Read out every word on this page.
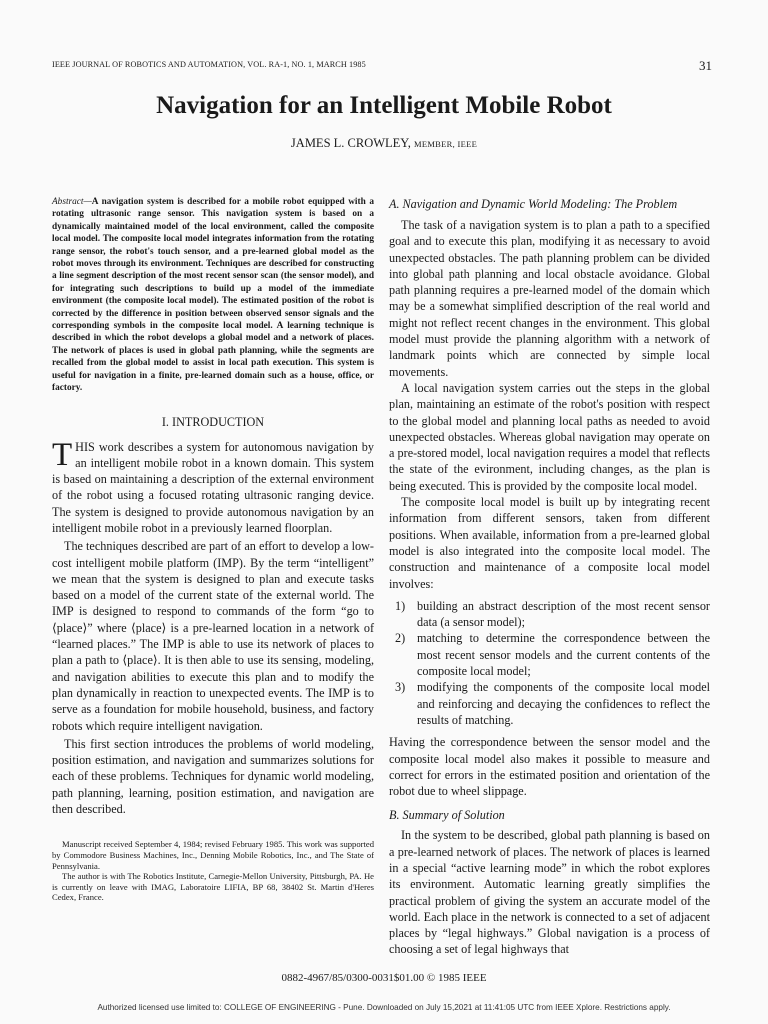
IEEE JOURNAL OF ROBOTICS AND AUTOMATION, VOL. RA-1, NO. 1, MARCH 1985	31
Navigation for an Intelligent Mobile Robot
JAMES L. CROWLEY, MEMBER, IEEE

Abstract—A navigation system is described for a mobile robot equipped with a rotating ultrasonic range sensor. This navigation system is based on a dynamically maintained model of the local environment, called the composite local model. The composite local model integrates information from the rotating range sensor, the robot's touch sensor, and a pre-learned global model as the robot moves through its environment. Techniques are described for constructing a line segment description of the most recent sensor scan (the sensor model), and for integrating such descriptions to build up a model of the immediate environment (the composite local model). The estimated position of the robot is corrected by the difference in position between observed sensor signals and the corresponding symbols in the composite local model. A learning technique is described in which the robot develops a global model and a network of places. The network of places is used in global path planning, while the segments are recalled from the global model to assist in local path execution. This system is useful for navigation in a finite, pre-learned domain such as a house, office, or factory.

I. INTRODUCTION
T HIS work describes a system for autonomous navigation by an intelligent mobile robot in a known domain. This system is based on maintaining a description of the external environment of the robot using a focused rotating ultrasonic ranging device. The system is designed to provide autonomous navigation by an intelligent mobile robot in a previously learned floorplan.

The techniques described are part of an effort to develop a low-cost intelligent mobile platform (IMP). By the term “intelligent” we mean that the system is designed to plan and execute tasks based on a model of the current state of the external world. The IMP is designed to respond to commands of the form “go to ⟨place⟩” where ⟨place⟩ is a pre-learned location in a network of “learned places.” The IMP is able to use its network of places to plan a path to ⟨place⟩. It is then able to use its sensing, modeling, and navigation abilities to execute this plan and to modify the plan dynamically in reaction to unexpected events. The IMP is to serve as a foundation for mobile household, business, and factory robots which require intelligent navigation.

This first section introduces the problems of world modeling, position estimation, and navigation and summarizes solutions for each of these problems. Techniques for dynamic world modeling, path planning, learning, position estimation, and navigation are then described.

Manuscript received September 4, 1984; revised February 1985. This work was supported by Commodore Business Machines, Inc., Denning Mobile Robotics, Inc., and The State of Pennsylvania.

The author is with The Robotics Institute, Carnegie-Mellon University, Pittsburgh, PA. He is currently on leave with IMAG, Laboratoire LIFIA, BP 68, 38402 St. Martin d'Heres Cedex, France.

A. Navigation and Dynamic World Modeling: The Problem

The task of a navigation system is to plan a path to a specified goal and to execute this plan, modifying it as necessary to avoid unexpected obstacles. The path planning problem can be divided into global path planning and local obstacle avoidance. Global path planning requires a pre-learned model of the domain which may be a somewhat simplified description of the real world and might not reflect recent changes in the environment. This global model must provide the planning algorithm with a network of landmark points which are connected by simple local movements.

A local navigation system carries out the steps in the global plan, maintaining an estimate of the robot's position with respect to the global model and planning local paths as needed to avoid unexpected obstacles. Whereas global navigation may operate on a pre-stored model, local navigation requires a model that reflects the state of the evironment, including changes, as the plan is being executed. This is provided by the composite local model.

The composite local model is built up by integrating recent information from different sensors, taken from different positions. When available, information from a pre-learned global model is also integrated into the composite local model. The construction and maintenance of a composite local model involves:

1) building an abstract description of the most recent sensor data (a sensor model);
2) matching to determine the correspondence between the most recent sensor models and the current contents of the composite local model;
3) modifying the components of the composite local model and reinforcing and decaying the confidences to reflect the results of matching.

Having the correspondence between the sensor model and the composite local model also makes it possible to measure and correct for errors in the estimated position and orientation of the robot due to wheel slippage.

B. Summary of Solution

In the system to be described, global path planning is based on a pre-learned network of places. The network of places is learned in a special “active learning mode” in which the robot explores its environment. Automatic learning greatly simplifies the practical problem of giving the system an accurate model of the world. Each place in the network is connected to a set of adjacent places by “legal highways.” Global navigation is a process of choosing a set of legal highways that

0882-4967/85/0300-0031$01.00 © 1985 IEEE
Authorized licensed use limited to: COLLEGE OF ENGINEERING - Pune. Downloaded on July 15,2021 at 11:41:05 UTC from IEEE Xplore. Restrictions apply.
